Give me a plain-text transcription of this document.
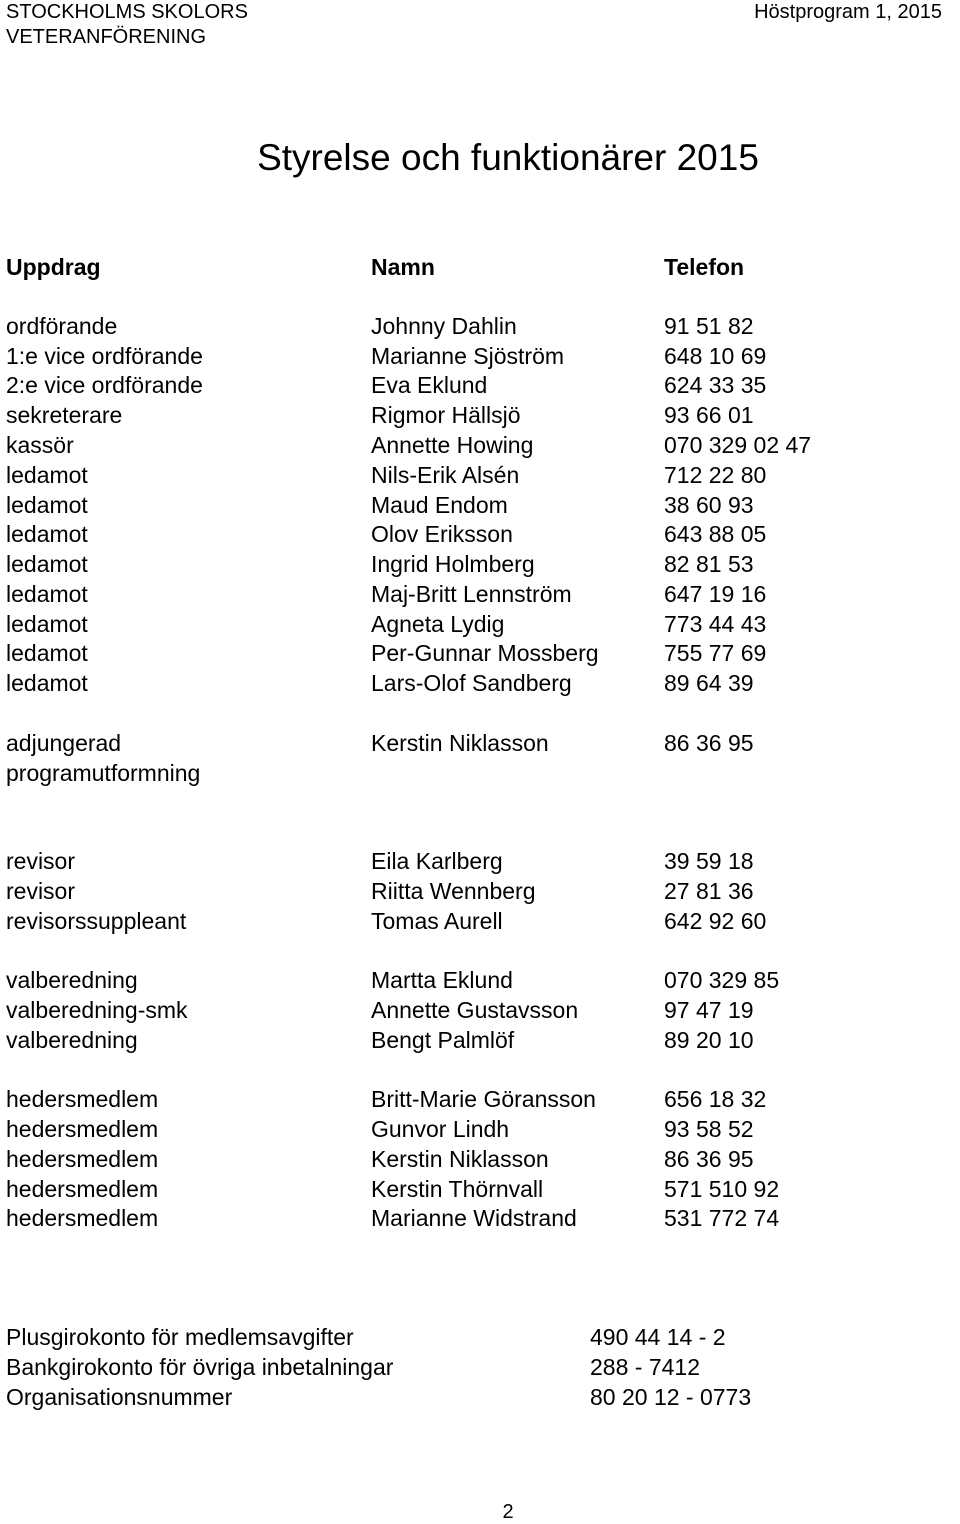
STOCKHOLMS SKOLORS
VETERANFÖRENING
Höstprogram 1, 2015
Styrelse och funktionärer 2015
Uppdrag	Namn	Telefon
ordförande	Johnny Dahlin	91 51 82
1:e vice ordförande	Marianne Sjöström	648 10 69
2:e vice ordförande	Eva Eklund	624 33 35
sekreterare	Rigmor Hällsjö	93 66 01
kassör	Annette Howing	070 329 02 47
ledamot	Nils-Erik Alsén	712 22 80
ledamot	Maud Endom	38 60 93
ledamot	Olov Eriksson	643 88 05
ledamot	Ingrid Holmberg	82 81 53
ledamot	Maj-Britt Lennström	647 19 16
ledamot	Agneta Lydig	773 44 43
ledamot	Per-Gunnar Mossberg	755 77 69
ledamot	Lars-Olof Sandberg	89 64 39
adjungerad	Kerstin Niklasson	86 36 95
programutformning
revisor	Eila Karlberg	39 59 18
revisor	Riitta Wennberg	27 81 36
revisorssuppleant	Tomas Aurell	642 92 60
valberedning	Martta Eklund	070 329 85
valberedning-smk	Annette Gustavsson	97 47 19
valberedning	Bengt Palmlöf	89 20 10
hedersmedlem	Britt-Marie Göransson	656 18 32
hedersmedlem	Gunvor Lindh	93 58 52
hedersmedlem	Kerstin Niklasson	86 36 95
hedersmedlem	Kerstin Thörnvall	571 510 92
hedersmedlem	Marianne Widstrand	531 772 74
Plusgirokonto för medlemsavgifter	490 44 14 - 2
Bankgirokonto för övriga inbetalningar	288 - 7412
Organisationsnummer	80 20 12 - 0773
2
